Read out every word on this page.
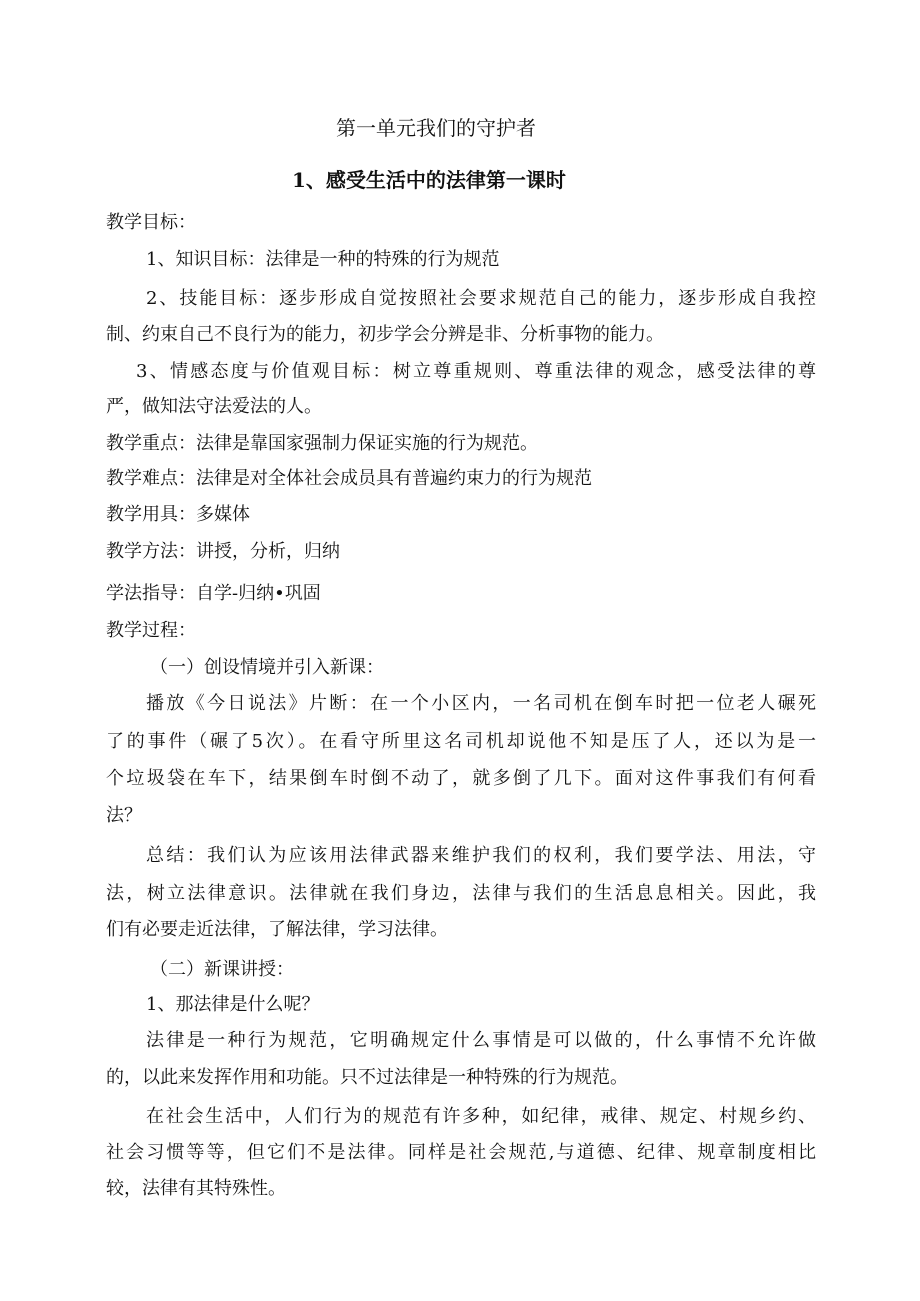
第一单元我们的守护者
1、感受生活中的法律第一课时
教学目标：
1、知识目标：法律是一种的特殊的行为规范
2、技能目标：逐步形成自觉按照社会要求规范自己的能力，逐步形成自我控
制、约束自己不良行为的能力，初步学会分辨是非、分析事物的能力。
3、情感态度与价值观目标：树立尊重规则、尊重法律的观念，感受法律的尊
严，做知法守法爱法的人。
教学重点：法律是靠国家强制力保证实施的行为规范。
教学难点：法律是对全体社会成员具有普遍约束力的行为规范
教学用具：多媒体
教学方法：讲授，分析，归纳
学法指导：自学-归纳•巩固
教学过程：
（一）创设情境并引入新课：
播放《今日说法》片断：在一个小区内，一名司机在倒车时把一位老人碾死
了的事件（碾了5次）。在看守所里这名司机却说他不知是压了人，还以为是一
个垃圾袋在车下，结果倒车时倒不动了，就多倒了几下。面对这件事我们有何看
法？
总结：我们认为应该用法律武器来维护我们的权利，我们要学法、用法，守
法，树立法律意识。法律就在我们身边，法律与我们的生活息息相关。因此，我
们有必要走近法律，了解法律，学习法律。
（二）新课讲授：
1、那法律是什么呢？
法律是一种行为规范，它明确规定什么事情是可以做的，什么事情不允许做
的，以此来发挥作用和功能。只不过法律是一种特殊的行为规范。
在社会生活中，人们行为的规范有许多种，如纪律，戒律、规定、村规乡约、
社会习惯等等，但它们不是法律。同样是社会规范,与道德、纪律、规章制度相比
较，法律有其特殊性。
